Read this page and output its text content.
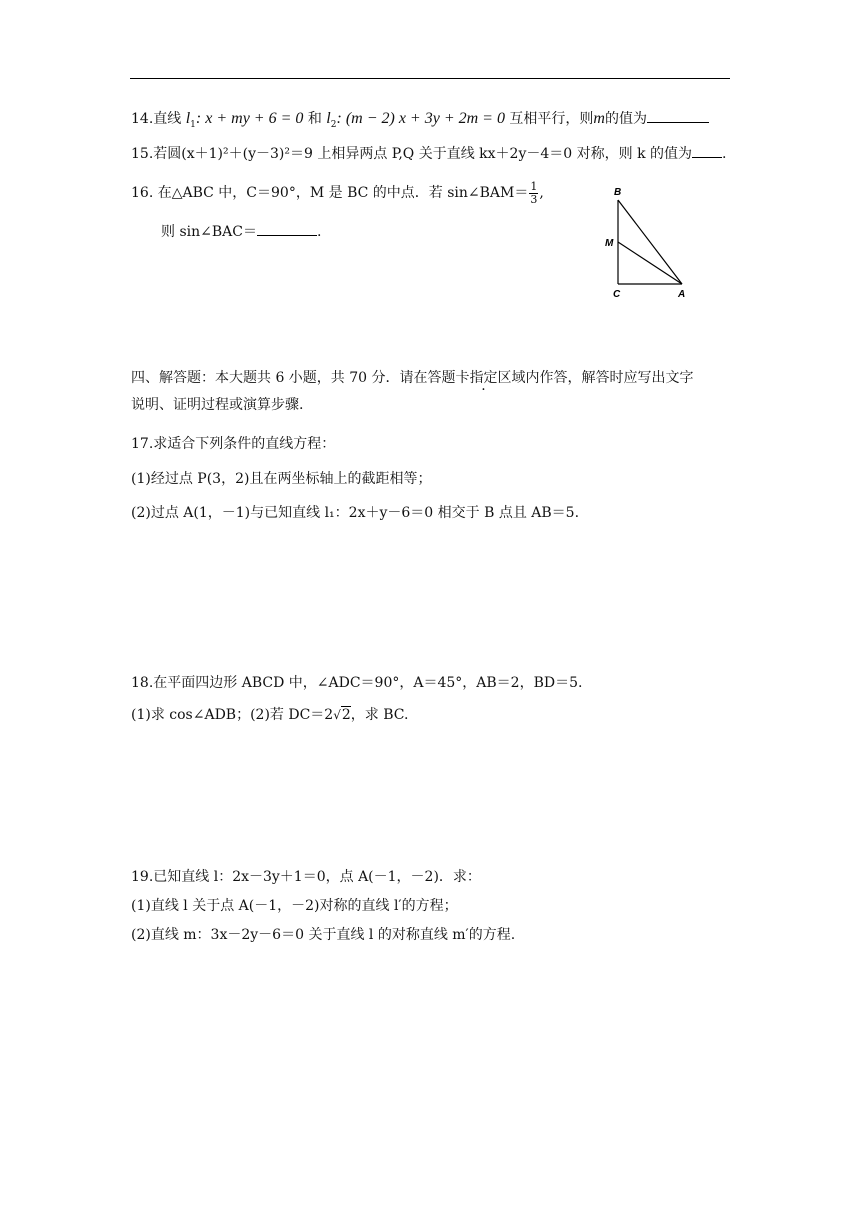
14.直线 $l_1$: x + my + 6 = 0 和 $l_2$: (m − 2) x + 3y + 2m = 0 互相平行，则m的值为
15.若圆(x＋1)²＋(y－3)²＝9 上相异两点 P,Q 关于直线 kx＋2y－4＝0 对称，则 k 的值为 .
16. 在△ABC 中，C＝90°，M 是 BC 的中点．若 sin∠BAM＝ $\frac{1}{3}$ ,
则 sin∠BAC＝	.
B
M
C	A
四、解答题：本大题共 6 小题，共 70 分．请在答题卡指定区域内 ·作答，解答时应写出文字
说明、证明过程或演算步骤.
17.求适合下列条件的直线方程：
(1)经过点 P(3，2)且在两坐标轴上的截距相等；
(2)过点 A(1，－1)与已知直线 l₁：2x＋y－6＝0 相交于 B 点且 AB＝5.
18.在平面四边形 ABCD 中，∠ADC＝90°，A＝45°，AB＝2，BD＝5.
(1)求 cos∠ADB；(2)若 DC＝2√2，求 BC.
19.已知直线 l：2x－3y＋1＝0，点 A(－1，－2)．求：
(1)直线 l 关于点 A(－1，－2)对称的直线 l′的方程；
(2)直线 m：3x－2y－6＝0 关于直线 l 的对称直线 m′的方程.
